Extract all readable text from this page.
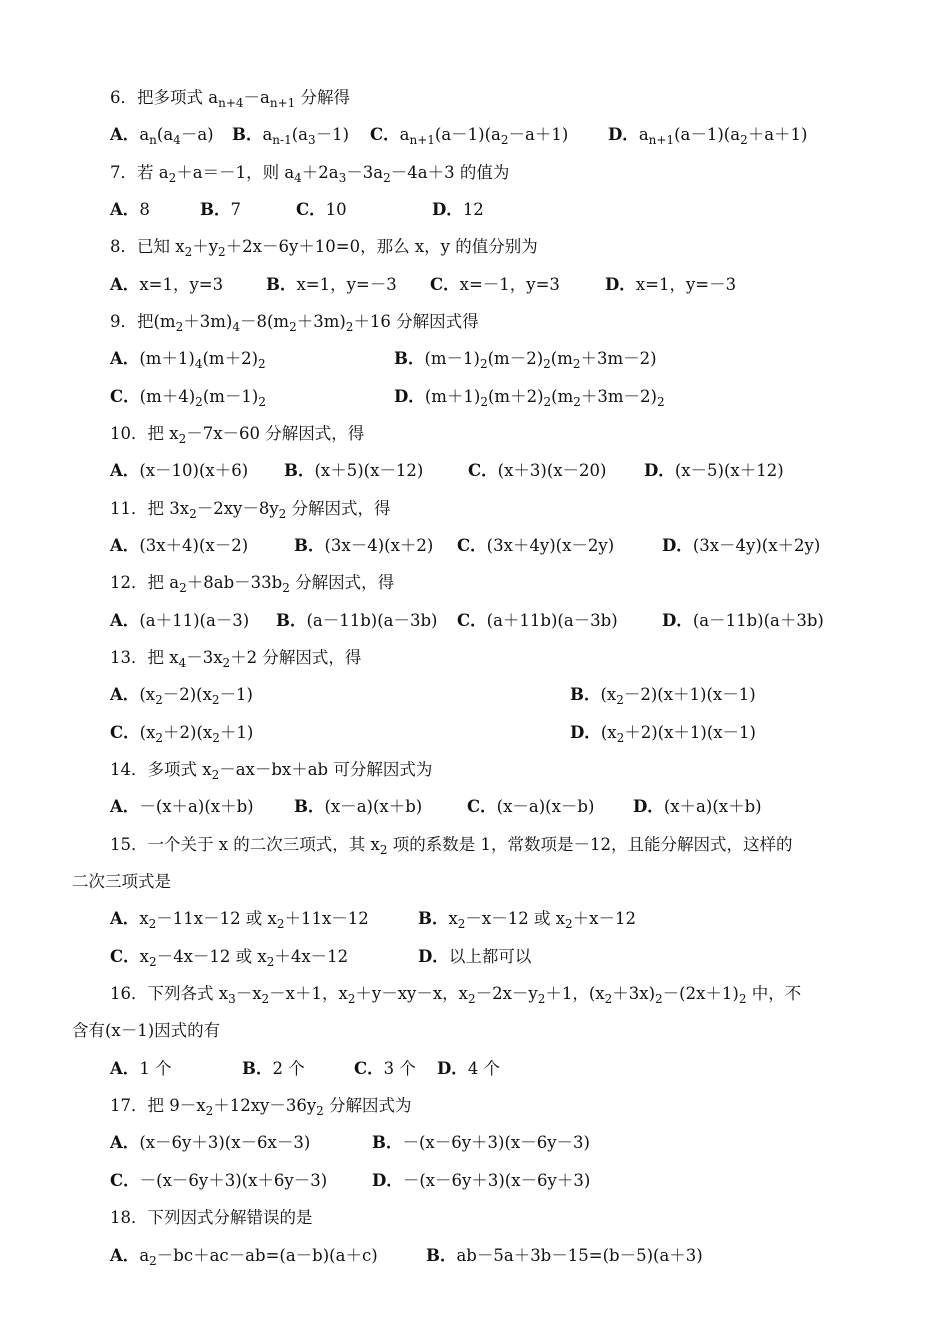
6．把多项式 $a_{n+4}-a_{n+1}$ 分解得
A．$a_n(a_4-a)$ B．$a_{n-1}(a_3-1)$ C．$a_{n+1}(a-1)(a_2-a+1)$ D．$a_{n+1}(a-1)(a_2+a+1)$
7．若 $a_2+a=-1$，则 $a_4+2a_3-3a_2-4a+3$ 的值为
A．8	B．7	C．10	D．12
8．已知 $x_2+y_2+2x-6y+10=0$，那么 x，y 的值分别为
A．x=1，y=3	B．x=1，y=－3 C．x=－1，y=3	D．x=1，y=－3
9．把$(m_2+3m)_4-8(m_2+3m)_2+16$ 分解因式得
A．$(m+1)_4(m+2)_2$	B．$(m-1)_2(m-2)_2(m_2+3m-2)$
C．$(m+4)_2(m-1)_2$	D．$(m+1)_2(m+2)_2(m_2+3m-2)_2$
10．把 $x_2-7x-60$ 分解因式，得
A．(x－10)(x＋6) B．(x＋5)(x－12)	C．(x＋3)(x－20) D．(x－5)(x＋12)
11．把 $3x_2-2xy-8y_2$ 分解因式，得
A．(3x＋4)(x－2)	B．(3x－4)(x＋2) C．(3x＋4y)(x－2y)	D．(3x－4y)(x＋2y)
12．把 $a_2+8ab-33b_2$ 分解因式，得
A．(a＋11)(a－3) B．(a－11b)(a－3b) C．(a＋11b)(a－3b)	D．(a－11b)(a＋3b)
13．把 $x_4-3x_2+2$ 分解因式，得
A．$(x_2-2)(x_2-1)$	B．$(x_2-2)(x+1)(x-1)$
C．$(x_2+2)(x_2+1)$	D．$(x_2+2)(x+1)(x-1)$
14．多项式 $x_2-ax-bx+ab$ 可分解因式为
A．－(x＋a)(x＋b) B．(x－a)(x＋b)	C．(x－a)(x－b) D．(x＋a)(x＋b)
15．一个关于 x 的二次三项式，其 $x_2$ 项的系数是 1，常数项是－12，且能分解因式，这样的
二次三项式是
A．$x_2-11x-12$ 或 $x_2+11x-12$	B．$x_2-x-12$ 或 $x_2+x-12$
C．$x_2-4x-12$ 或 $x_2+4x-12$	D．以上都可以
16．下列各式 $x_3-x_2-x+1$，$x_2+y-xy-x$，$x_2-2x-y_2+1$，$(x_2+3x)_2-(2x+1)_2$ 中，不
含有(x－1)因式的有
A．1 个	B．2 个	C．3 个 D．4 个
17．把 $9-x_2+12xy-36y_2$ 分解因式为
A．(x－6y＋3)(x－6x－3)	B．－(x－6y＋3)(x－6y－3)
C．－(x－6y＋3)(x＋6y－3)	D．－(x－6y＋3)(x－6y＋3)
18．下列因式分解错误的是
A．$a_2-bc+ac-ab=(a-b)(a+c)$	B．ab－5a＋3b－15=(b－5)(a＋3)
